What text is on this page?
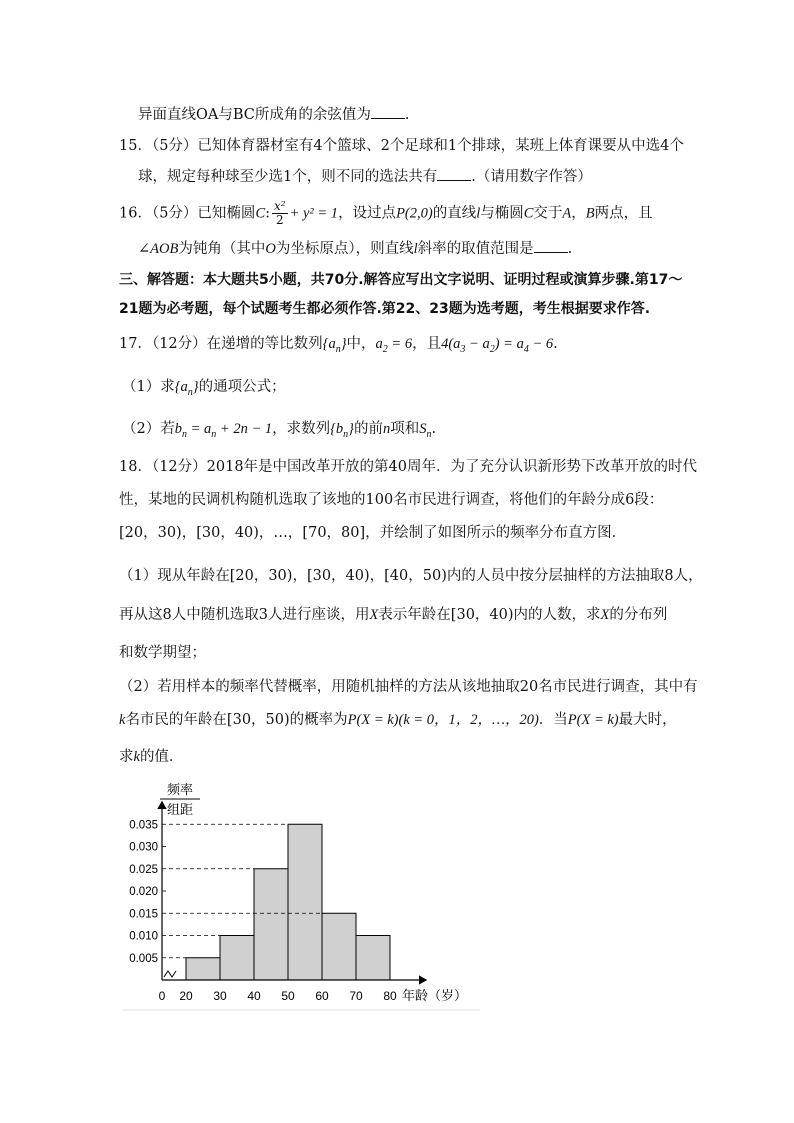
异面直线OA与BC所成角的余弦值为 .
15．（5分）已知体育器材室有4个篮球、2个足球和1个排球，某班上体育课要从中选4个
球，规定每种球至少选1个，则不同的选法共有 .（请用数字作答）
16．（5分）已知椭圆C: $\frac{\text{x²}}{2} + y^2 = 1$，设过点P(2,0)的直线l与椭圆C交于A，B两点，且
∠AOB为钝角（其中O为坐标原点），则直线l斜率的取值范围是 .
三、解答题：本大题共5小题，共70分.解答应写出文字说明、证明过程或演算步骤.第17～
21题为必考题，每个试题考生都必须作答.第22、23题为选考题，考生根据要求作答.
17．（12分）在递增的等比数列$\{a_n\}$中，$a_2 = 6$，且$4(a_3 - a_2) = a_4 - 6$.
（1）求$\{a_n\}$的通项公式；
（2）若$b_n = a_n + 2n - 1$，求数列$\{b_n\}$的前n项和$S_n$.
18．（12分）2018年是中国改革开放的第40周年．为了充分认识新形势下改革开放的时代
性，某地的民调机构随机选取了该地的100名市民进行调查，将他们的年龄分成6段：
[20，30)，[30，40)，…，[70，80]，并绘制了如图所示的频率分布直方图．
（1）现从年龄在[20，30)，[30，40)，[40，50)内的人员中按分层抽样的方法抽取8人，
再从这8人中随机选取3人进行座谈，用X表示年龄在[30，40)内的人数，求X的分布列
和数学期望；
（2）若用样本的频率代替概率，用随机抽样的方法从该地抽取20名市民进行调查，其中有
k名市民的年龄在[30，50)的概率为P(X = k)(k = 0，1，2，…，20)．当P(X = k)最大时，
求k的值．
0.005
0.010
0.015
0.020
0.025
0.030
0.035
0 20 30 40 50 60 70 80 年龄（岁）
频率
组距
